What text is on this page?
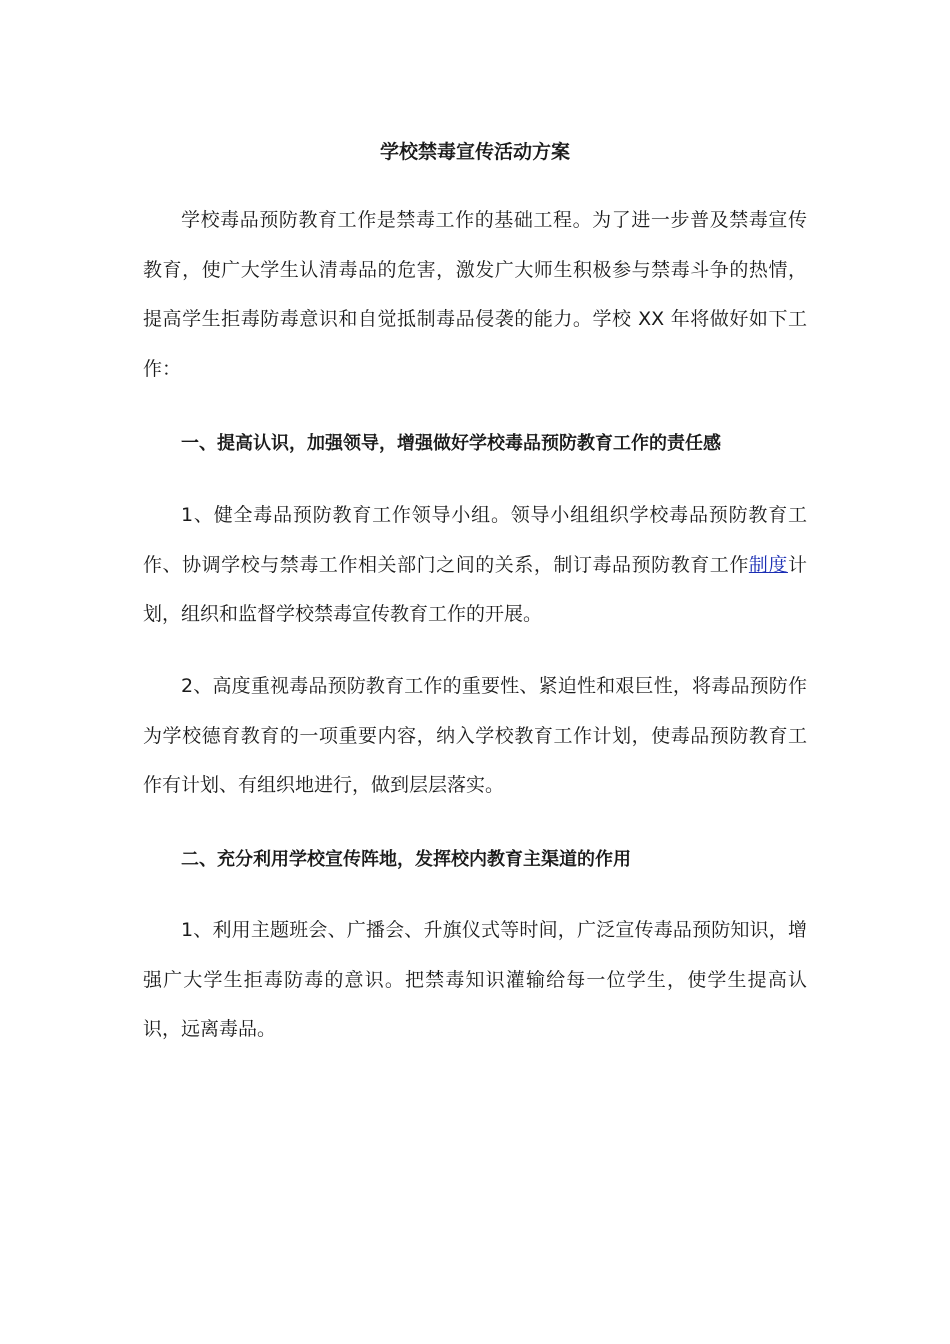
学校禁毒宣传活动方案

学校毒品预防教育工作是禁毒工作的基础工程。为了进一步普及禁毒宣传教育，使广大学生认清毒品的危害，激发广大师生积极参与禁毒斗争的热情，提高学生拒毒防毒意识和自觉抵制毒品侵袭的能力。学校 XX 年将做好如下工作：

一、提高认识，加强领导，增强做好学校毒品预防教育工作的责任感

1、健全毒品预防教育工作领导小组。领导小组组织学校毒品预防教育工作、协调学校与禁毒工作相关部门之间的关系，制订毒品预防教育工作制度计划，组织和监督学校禁毒宣传教育工作的开展。

2、高度重视毒品预防教育工作的重要性、紧迫性和艰巨性，将毒品预防作为学校德育教育的一项重要内容，纳入学校教育工作计划，使毒品预防教育工作有计划、有组织地进行，做到层层落实。

二、充分利用学校宣传阵地，发挥校内教育主渠道的作用

1、利用主题班会、广播会、升旗仪式等时间，广泛宣传毒品预防知识，增强广大学生拒毒防毒的意识。把禁毒知识灌输给每一位学生，使学生提高认识，远离毒品。
